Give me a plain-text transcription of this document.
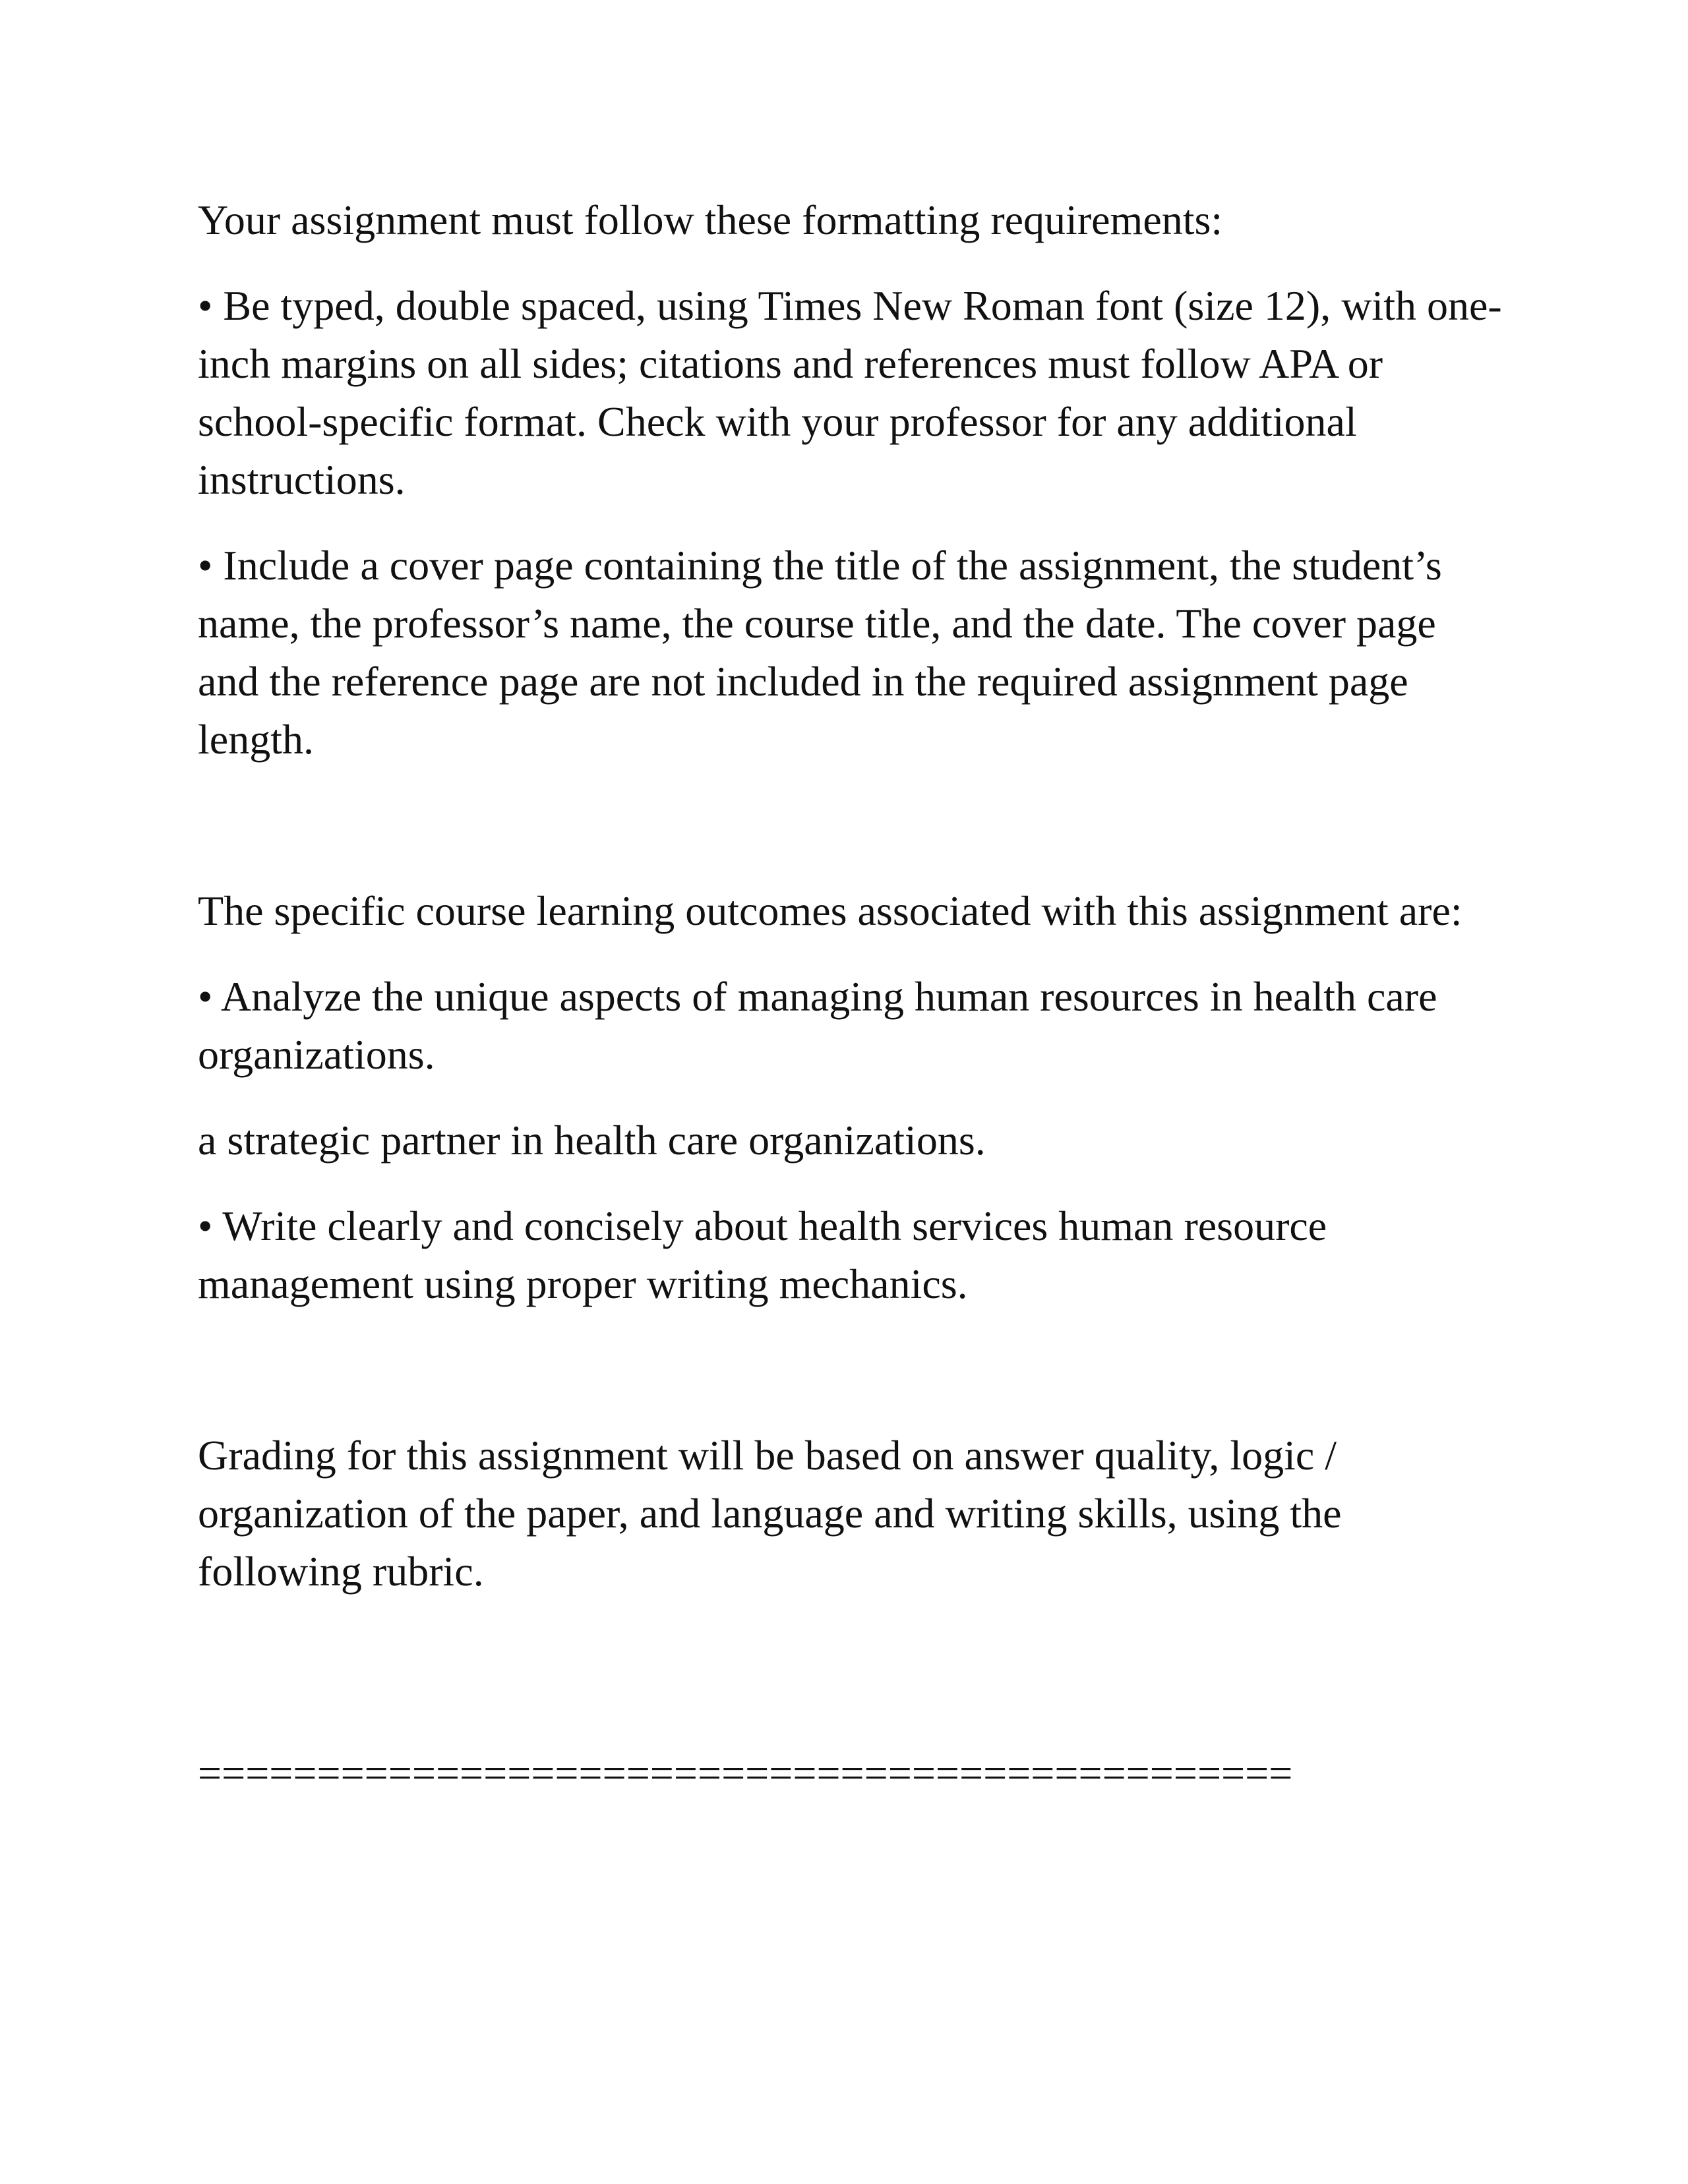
Your assignment must follow these formatting requirements:

• Be typed, double spaced, using Times New Roman font (size 12), with one-inch margins on all sides; citations and references must follow APA or school-specific format. Check with your professor for any additional instructions.

• Include a cover page containing the title of the assignment, the student’s name, the professor’s name, the course title, and the date. The cover page and the reference page are not included in the required assignment page length.

The specific course learning outcomes associated with this assignment are:

• Analyze the unique aspects of managing human resources in health care organizations.

a strategic partner in health care organizations.

• Write clearly and concisely about health services human resource management using proper writing mechanics.

Grading for this assignment will be based on answer quality, logic / organization of the paper, and language and writing skills, using the following rubric.

==============================================
